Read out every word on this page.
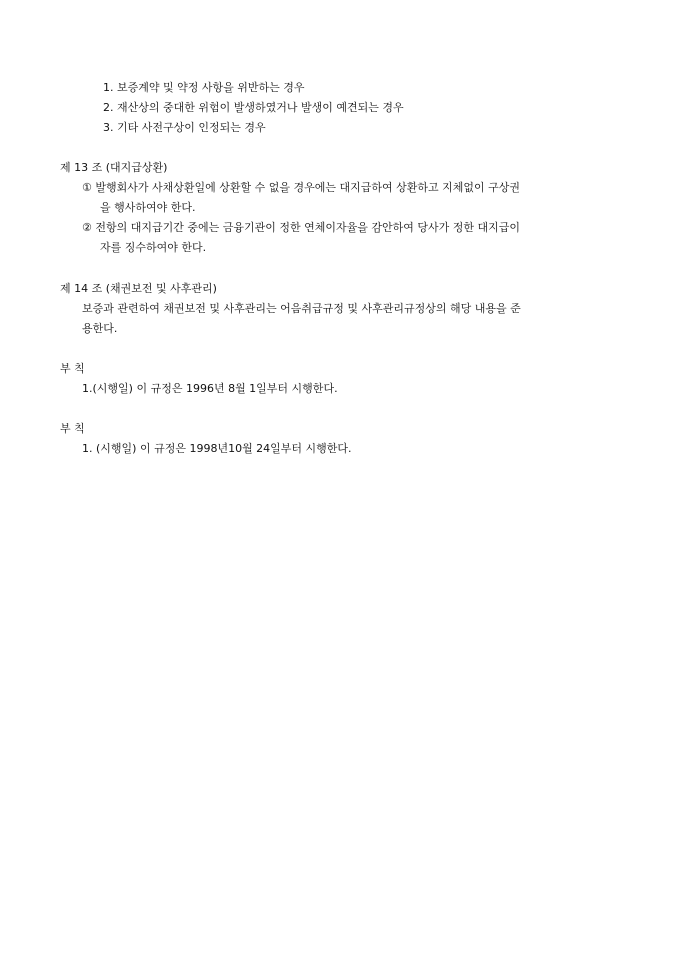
1. 보증계약 및 약정 사항을 위반하는 경우
2. 재산상의 중대한 위험이 발생하였거나 발생이 예견되는 경우
3. 기타 사전구상이 인정되는 경우
제 13 조 (대지급상환)
① 발행회사가 사채상환일에 상환할 수 없을 경우에는 대지급하여 상환하고 지체없이 구상권
을 행사하여야 한다.
② 전항의 대지급기간 중에는 금융기관이 정한 연체이자율을 감안하여 당사가 정한 대지급이
자를 징수하여야 한다.
제 14 조 (채권보전 및 사후관리)
보증과 관련하여 채권보전 및 사후관리는 어음취급규정 및 사후관리규정상의 해당 내용을 준
용한다.
부 칙
1.(시행일) 이 규정은 1996년 8월 1일부터 시행한다.
부 칙
1. (시행일) 이 규정은 1998년10월 24일부터 시행한다.
